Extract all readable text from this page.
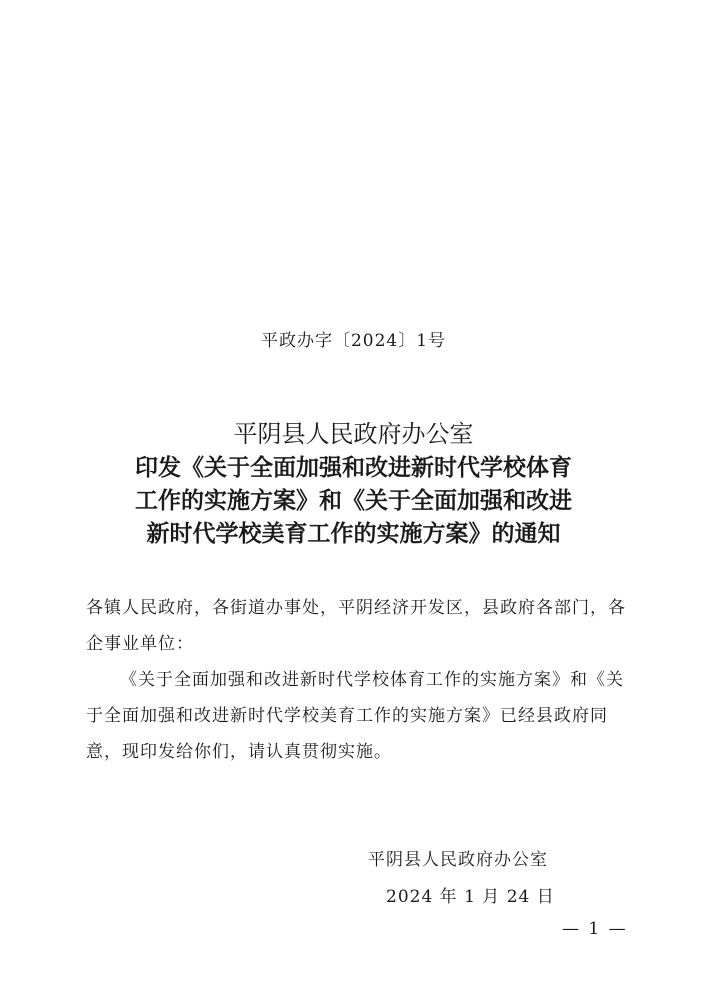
平政办字〔2024〕1号
平阴县人民政府办公室
印发《关于全面加强和改进新时代学校体育
工作的实施方案》和《关于全面加强和改进
新时代学校美育工作的实施方案》的通知
各镇人民政府，各街道办事处，平阴经济开发区，县政府各部门，各企事业单位：
《关于全面加强和改进新时代学校体育工作的实施方案》和《关于全面加强和改进新时代学校美育工作的实施方案》已经县政府同意，现印发给你们，请认真贯彻实施。
平阴县人民政府办公室
2024 年 1 月 24 日
— 1 —
